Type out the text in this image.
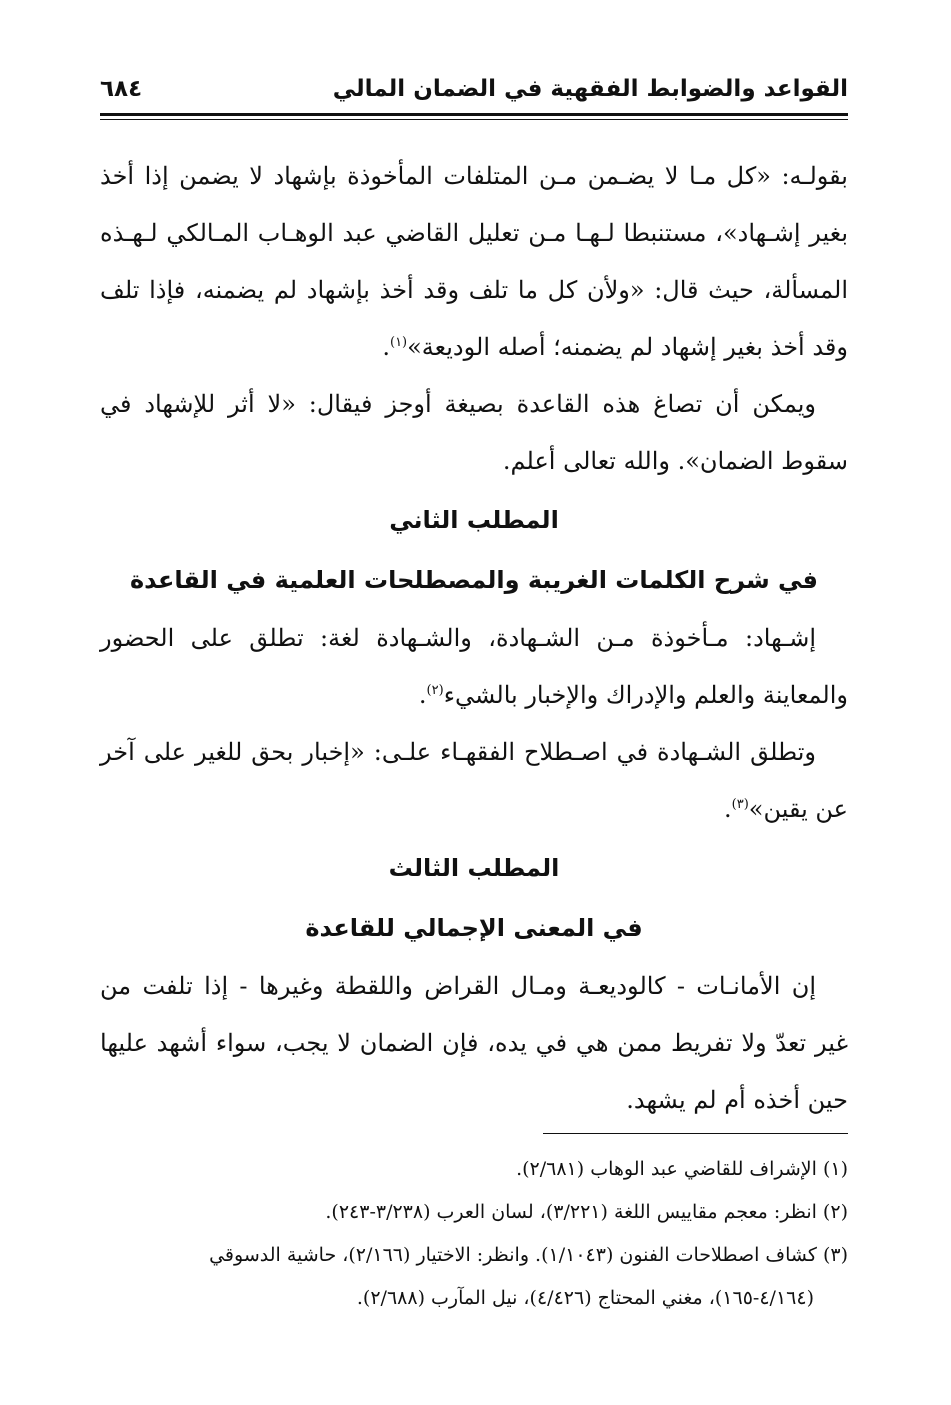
القواعد والضوابط الفقهية في الضمان المالي
٦٨٤

بقولـه: «كل مـا لا يضـمن مـن المتلفات المأخوذة بإشهاد لا يضمن إذا أخذ بغير إشـهاد»، مستنبطا لـهـا مـن تعليل القاضي عبد الوهـاب المـالكي لـهـذه المسألة، حيث قال: «ولأن كل ما تلف وقد أخذ بإشهاد لم يضمنه، فإذا تلف وقد أخذ بغير إشهاد لم يضمنه؛ أصله الوديعة»$^{(١)}$.

ويمكن أن تصاغ هذه القاعدة بصيغة أوجز فيقال: «لا أثر للإشهاد في سقوط الضمان». والله تعالى أعلم.

المطلب الثاني
في شرح الكلمات الغريبة والمصطلحات العلمية في القاعدة

إشـهاد: مـأخوذة مـن الشـهادة، والشـهادة لغة: تطلق على الحضور والمعاينة والعلم والإدراك والإخبار بالشيء$^{(٢)}$.

وتطلق الشـهادة في اصـطلاح الفقهـاء علـى: «إخبار بحق للغير على آخر عن يقين»$^{(٣)}$.

المطلب الثالث
في المعنى الإجمالي للقاعدة

إن الأمانـات - كالوديعـة ومـال القراض واللقطة وغيرها - إذا تلفت من غير تعدّ ولا تفريط ممن هي في يده، فإن الضمان لا يجب، سواء أشهد عليها حين أخذه أم لم يشهد.

(١) الإشراف للقاضي عبد الوهاب (٢/٦٨١).

(٢) انظر: معجم مقاييس اللغة (٣/٢٢١)، لسان العرب (٣/٢٣٨-٢٤٣).

(٣) كشاف اصطلاحات الفنون (١/١٠٤٣). وانظر: الاختيار (٢/١٦٦)، حاشية الدسوقي

(٤/١٦٤-١٦٥)، مغني المحتاج (٤/٤٢٦)، نيل المآرب (٢/٦٨٨).
